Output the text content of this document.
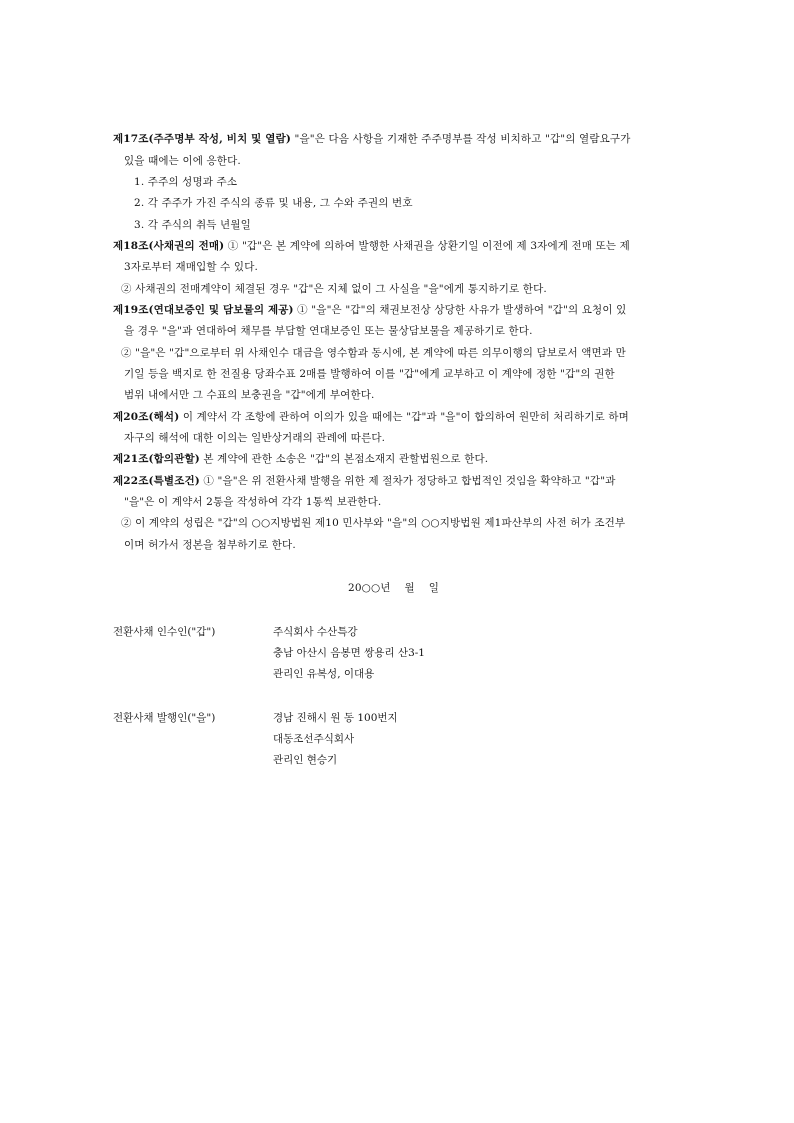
제17조(주주명부 작성, 비치 및 열람) "을"은 다음 사항을 기재한 주주명부를 작성 비치하고 "갑"의 열람요구가
있을 때에는 이에 응한다.
1. 주주의 성명과 주소
2. 각 주주가 가진 주식의 종류 및 내용, 그 수와 주권의 번호
3. 각 주식의 취득 년월일
제18조(사채권의 전매) ① "갑"은 본 계약에 의하여 발행한 사채권을 상환기일 이전에 제 3자에게 전매 또는 제
3자로부터 재매입할 수 있다.
② 사채권의 전매계약이 체결된 경우 "갑"은 지체 없이 그 사실을 "을"에게 통지하기로 한다.
제19조(연대보증인 및 담보물의 제공) ① "을"은 "갑"의 채권보전상 상당한 사유가 발생하여 "갑"의 요청이 있
을 경우 "을"과 연대하여 채무를 부담할 연대보증인 또는 물상담보물을 제공하기로 한다.
② "을"은 "갑"으로부터 위 사채인수 대금을 영수함과 동시에, 본 계약에 따른 의무이행의 담보로서 액면과 만
기일 등을 백지로 한 전질용 당좌수표 2매를 발행하여 이를 "갑"에게 교부하고 이 계약에 정한 "갑"의 권한
범위 내에서만 그 수표의 보충권을 "갑"에게 부여한다.
제20조(해석) 이 계약서 각 조항에 관하여 이의가 있을 때에는 "갑"과 "을"이 합의하여 원만히 처리하기로 하며
자구의 해석에 대한 이의는 일반상거래의 관례에 따른다.
제21조(합의관할) 본 계약에 관한 소송은 "갑"의 본점소재지 관할법원으로 한다.
제22조(특별조건) ① "을"은 위 전환사채 발행을 위한 제 절차가 정당하고 합법적인 것임을 확약하고 "갑"과
"을"은 이 계약서 2통을 작성하여 각각 1통씩 보관한다.
② 이 계약의 성립은 "갑"의 ○○지방법원 제10 민사부와 "을"의 ○○지방법원 제1파산부의 사전 허가 조건부
이며 허가서 정본을 첨부하기로 한다.
20○○년    월    일
전환사채 인수인("갑")	주식회사 수산특강
충남 아산시 음봉면 쌍용리 산3-1
관리인 유복성, 이대용
전환사채 발행인("을")	경남 진해시 원 동 100번지
대동조선주식회사
관리인 현승기
